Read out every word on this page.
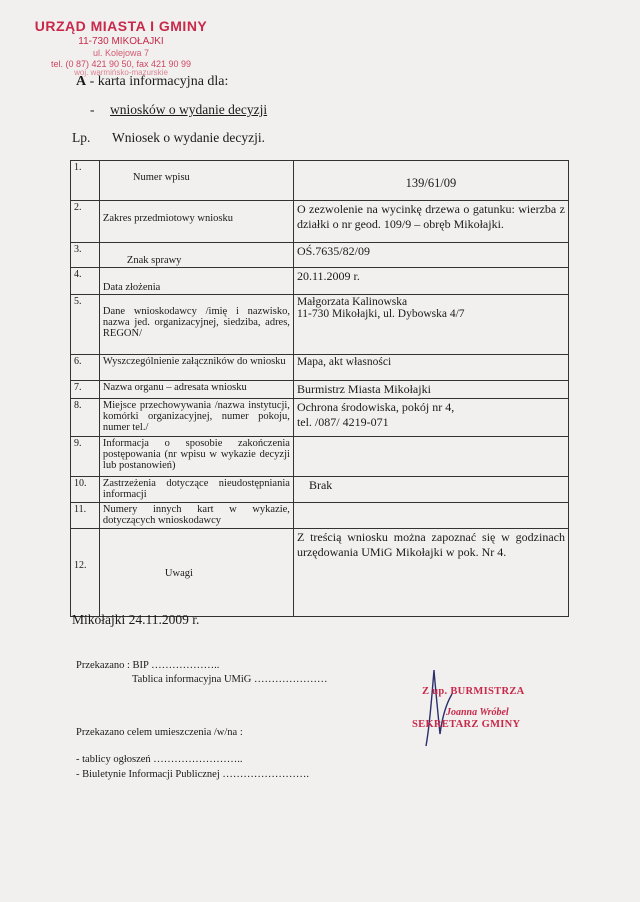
URZĄD MIASTA I GMINY
11-730 MIKOŁAJKI
ul. Kolejowa 7
tel. (0 87) 421 90 50, fax 421 90 99
woj. warmińsko-mazurskie
A - karta informacyjna dla:
- wniosków o wydanie decyzji
Lp. Wniosek o wydanie decyzji.
1.	Numer wpisu	139/61/09

2.	Zakres przedmiotowy wniosku	O zezwolenie na wycinkę drzewa o gatunku: wierzba z działki o nr geod. 109/9 – obręb Mikołajki.
3.	Znak sprawy	OŚ.7635/82/09
4.	Data złożenia	20.11.2009 r.
5.	Dane wnioskodawcy /imię i nazwisko, nazwa jed. organizacyjnej, siedziba, adres, REGON/	Małgorzata Kalinowska
11-730 Mikołajki, ul. Dybowska 4/7

6.	Wyszczególnienie załączników do wniosku	Mapa, akt własności
7.	Nazwa organu – adresata wniosku	Burmistrz Miasta Mikołajki
8.	Miejsce przechowywania /nazwa instytucji, komórki organizacyjnej, numer pokoju, numer tel./	Ochrona środowiska, pokój nr 4,
tel. /087/ 4219-071

9.	Informacja o sposobie zakończenia postępowania (nr wpisu w wykazie decyzji lub postanowień)	
10.	Zastrzeżenia dotyczące nieudostępniania informacji	Brak

11.	Numery innych kart w wykazie, dotyczących wnioskodawcy	

12.	Uwagi	Z treścią wniosku można zapoznać się w godzinach urzędowania UMiG Mikołajki w pok. Nr 4.
Mikołajki 24.11.2009 r.
Przekazano : BIP ………………..
Tablica informacyjna UMiG …………………
Przekazano celem umieszczenia /w/na :
- tablicy ogłoszeń ……………………..
- Biuletynie Informacji Publicznej …………………….
Z up. BURMISTRZA
Joanna Wróbel
SEKRETARZ GMINY
